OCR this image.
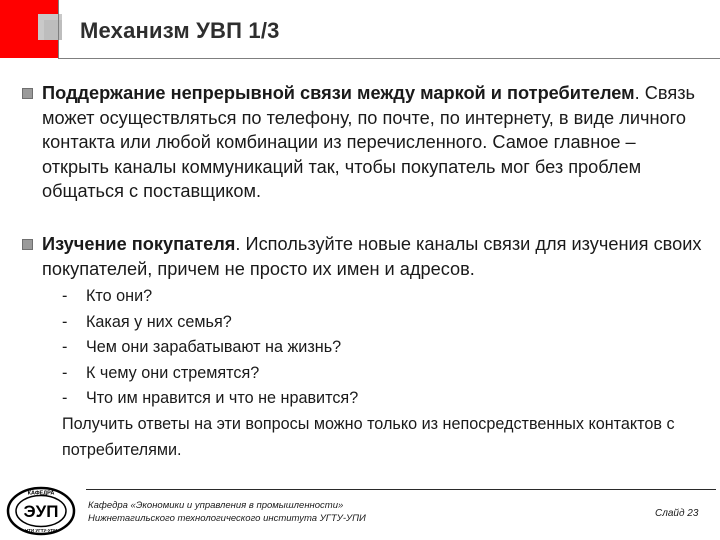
Механизм УВП 1/3
Поддержание непрерывной связи между маркой и потребителем. Связь может осуществляться по телефону, по почте, по интернету, в виде личного контакта или любой комбинации из перечисленного. Самое главное – открыть каналы коммуникаций так, чтобы покупатель мог без проблем общаться с поставщиком.
Изучение покупателя. Используйте новые каналы связи для изучения своих покупателей, причем не просто их имен и адресов.
- Кто они?
- Какая у них семья?
- Чем они зарабатывают на жизнь?
- К чему они стремятся?
- Что им нравится и что не нравится?
Получить ответы на эти вопросы можно только из непосредственных контактов с потребителями.
КАФЕДРА
ЭУП
НТИ УГТУ-УПИ
Кафедра «Экономики и управления в промышленности»
Нижнетагильского технологического института УГТУ-УПИ	Слайд 23
